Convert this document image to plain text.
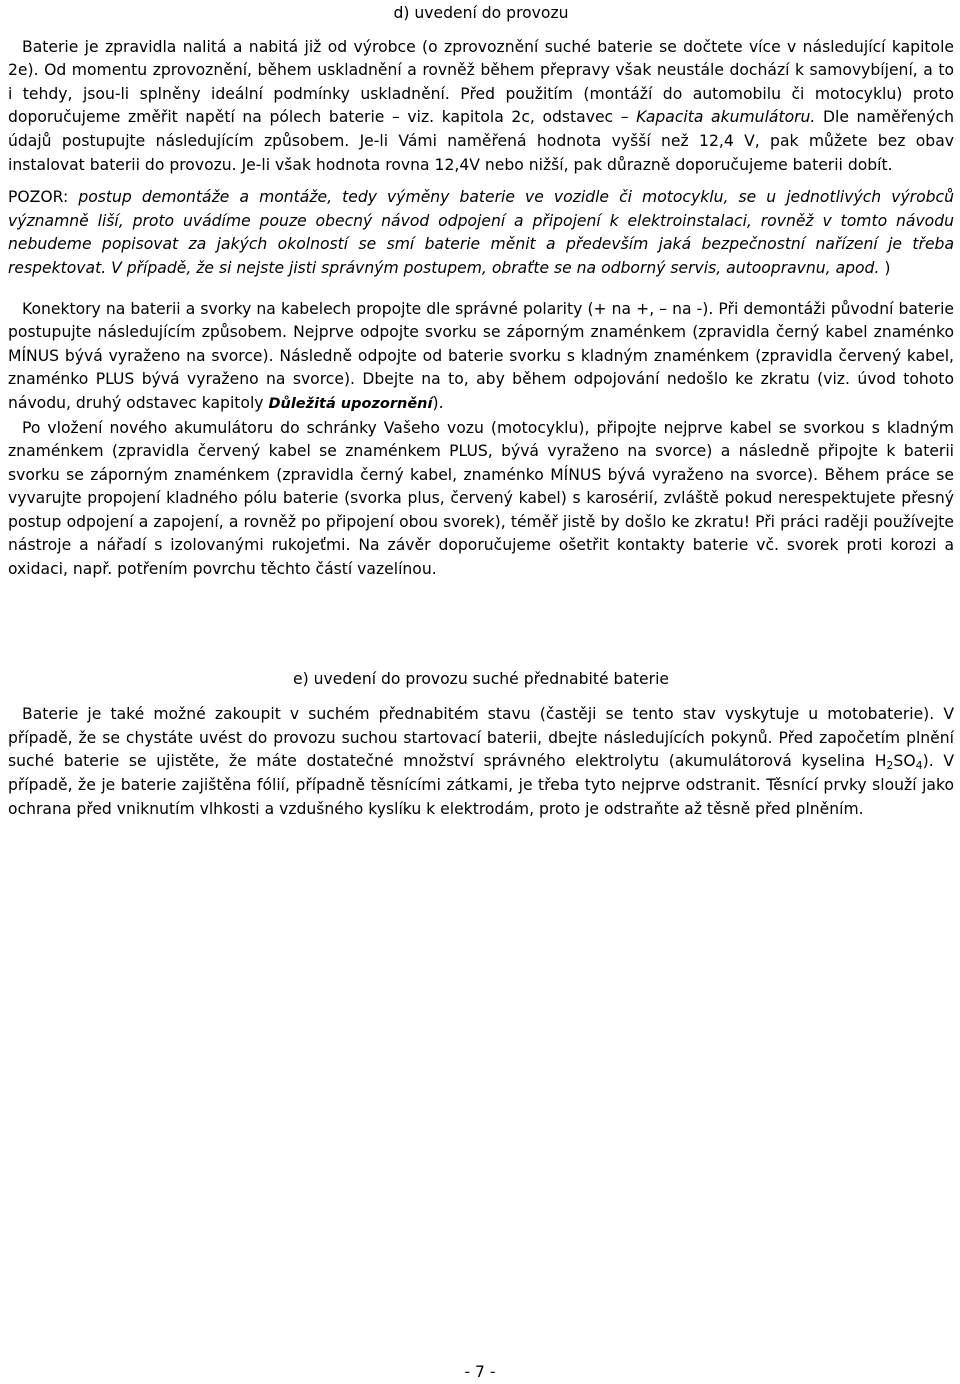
d) uvedení do provozu

Baterie je zpravidla nalitá a nabitá již od výrobce (o zprovoznění suché baterie se dočtete více v následující kapitole 2e). Od momentu zprovoznění, během uskladnění a rovněž během přepravy však neustále dochází k samovybíjení, a to i tehdy, jsou-li splněny ideální podmínky uskladnění. Před použitím (montáží do automobilu či motocyklu) proto doporučujeme změřit napětí na pólech baterie – viz. kapitola 2c, odstavec – Kapacita akumulátoru. Dle naměřených údajů postupujte následujícím způsobem. Je-li Vámi naměřená hodnota vyšší než 12,4 V, pak můžete bez obav instalovat baterii do provozu. Je-li však hodnota rovna 12,4V nebo nižší, pak důrazně doporučujeme baterii dobít.

POZOR: postup demontáže a montáže, tedy výměny baterie ve vozidle či motocyklu, se u jednotlivých výrobců významně liší, proto uvádíme pouze obecný návod odpojení a připojení k elektroinstalaci, rovněž v tomto návodu nebudeme popisovat za jakých okolností se smí baterie měnit a především jaká bezpečnostní nařízení je třeba respektovat. V případě, že si nejste jisti správným postupem, obraťte se na odborný servis, autoopravnu, apod. )

Konektory na baterii a svorky na kabelech propojte dle správné polarity (+ na +, – na -). Při demontáži původní baterie postupujte následujícím způsobem. Nejprve odpojte svorku se záporným znaménkem (zpravidla černý kabel znaménko MÍNUS bývá vyraženo na svorce). Následně odpojte od baterie svorku s kladným znaménkem (zpravidla červený kabel, znaménko PLUS bývá vyraženo na svorce). Dbejte na to, aby během odpojování nedošlo ke zkratu (viz. úvod tohoto návodu, druhý odstavec kapitoly Důležitá upozornění).

Po vložení nového akumulátoru do schránky Vašeho vozu (motocyklu), připojte nejprve kabel se svorkou s kladným znaménkem (zpravidla červený kabel se znaménkem PLUS, bývá vyraženo na svorce) a následně připojte k baterii svorku se záporným znaménkem (zpravidla černý kabel, znaménko MÍNUS bývá vyraženo na svorce). Během práce se vyvarujte propojení kladného pólu baterie (svorka plus, červený kabel) s karosérií, zvláště pokud nerespektujete přesný postup odpojení a zapojení, a rovněž po připojení obou svorek), téměř jistě by došlo ke zkratu! Při práci raději používejte nástroje a nářadí s izolovanými rukojeťmi. Na závěr doporučujeme ošetřit kontakty baterie vč. svorek proti korozi a oxidaci, např. potřením povrchu těchto částí vazelínou.

e) uvedení do provozu suché přednabité baterie

Baterie je také možné zakoupit v suchém přednabitém stavu (častěji se tento stav vyskytuje u motobaterie). V případě, že se chystáte uvést do provozu suchou startovací baterii, dbejte následujících pokynů. Před započetím plnění suché baterie se ujistěte, že máte dostatečné množství správného elektrolytu (akumulátorová kyselina $H_2SO_4$). V případě, že je baterie zajištěna fólií, případně těsnícími zátkami, je třeba tyto nejprve odstranit. Těsnící prvky slouží jako ochrana před vniknutím vlhkosti a vzdušného kyslíku k elektrodám, proto je odstraňte až těsně před plněním.

- 7 -
